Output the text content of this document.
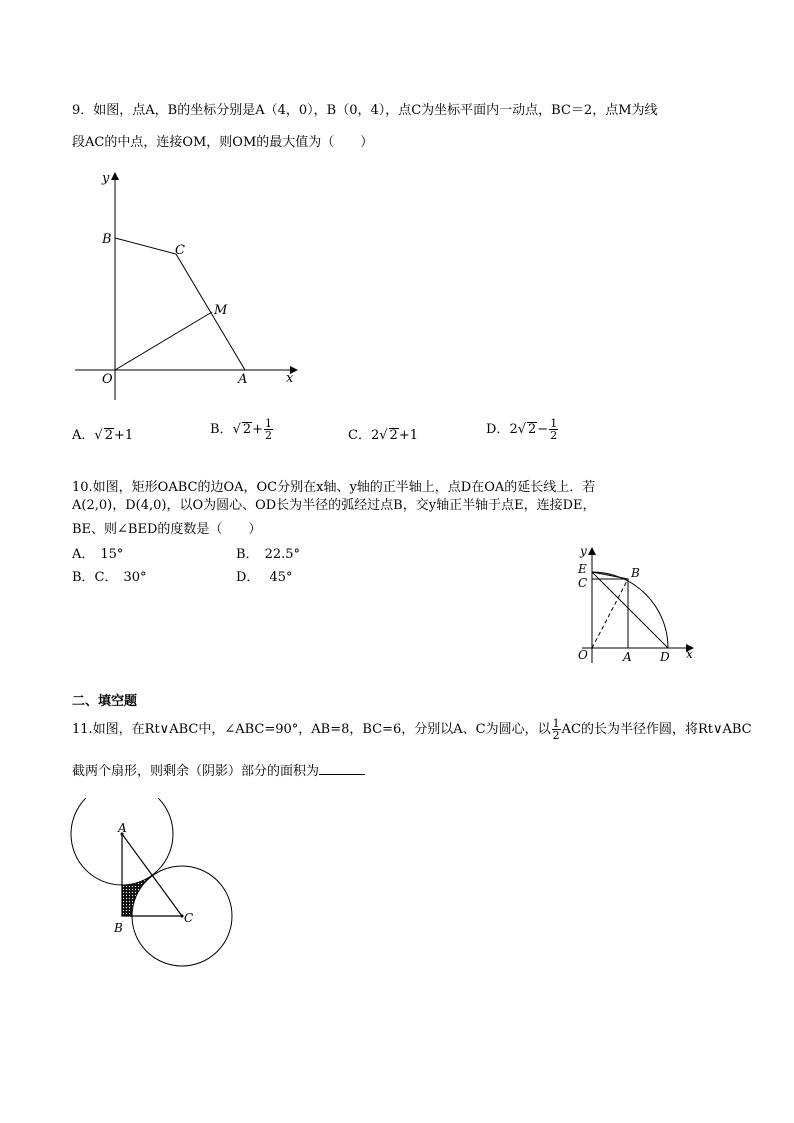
9．如图，点A，B的坐标分别是A（4，0），B（0，4），点C为坐标平面内一动点，BC＝2，点M为线
段AC的中点，连接OM，则OM的最大值为（　　）
y
x
B
C
M
O	A
A．√ 2+1	B．√ $2+ \frac{1}{2}$	C．2√ 2+1	D．2√ $2- \frac{1}{2}$
10.如图，矩形OABC的边OA，OC分别在x轴、y轴的正半轴上，点D在OA的延长线上．若
A(2,0)，D(4,0)，以O为圆心、OD长为半径的弧经过点B，交y轴正半轴于点E，连接DE，
BE、则∠BED的度数是（　　）
A． 15°	B． 22.5°
B．C． 30°	D． 45°
y
x
E
C
B
O	A D
二、填空题
11.如图，在Rt∨ABC中，∠ABC=90°，AB=8，BC=6，分别以A、C为圆心，以 $\frac{1}{2}$ AC的长为半径作圆，将Rt∨ABC
截两个扇形，则剩余（阴影）部分的面积为
A
B
C
